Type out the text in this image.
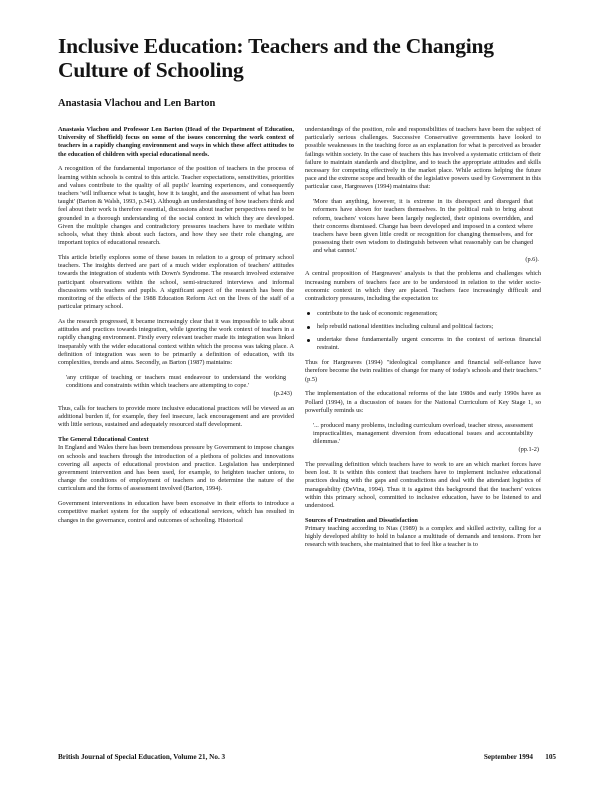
Inclusive Education: Teachers and the Changing Culture of Schooling
Anastasia Vlachou and Len Barton

Anastasia Vlachou and Professor Len Barton (Head of the Department of Education, University of Sheffield) focus on some of the issues concerning the work context of teachers in a rapidly changing environment and ways in which these affect attitudes to the education of children with special educational needs.

A recognition of the fundamental importance of the position of teachers in the process of learning within schools is central to this article. Teacher expectations, sensitivities, priorities and values contribute to the quality of all pupils' learning experiences, and consequently teachers 'will influence what is taught, how it is taught, and the assessment of what has been taught' (Barton & Walsh, 1993, p.341). Although an understanding of how teachers think and feel about their work is therefore essential, discussions about teacher perspectives need to be grounded in a thorough understanding of the social context in which they are developed. Given the multiple changes and contradictory pressures teachers have to mediate within schools, what they think about such factors, and how they see their role changing, are important topics of educational research.

This article briefly explores some of these issues in relation to a group of primary school teachers. The insights derived are part of a much wider exploration of teachers' attitudes towards the integration of students with Down's Syndrome. The research involved extensive participant observations within the school, semi-structured interviews and informal discussions with teachers and pupils. A significant aspect of the research has been the monitoring of the effects of the 1988 Education Reform Act on the lives of the staff of a particular primary school.

As the research progressed, it became increasingly clear that it was impossible to talk about attitudes and practices towards integration, while ignoring the work context of teachers in a rapidly changing environment. Firstly every relevant teacher made its integration was linked inseparably with the wider educational context within which the process was taking place. A definition of integration was seen to be primarily a definition of education, with its complexities, trends and aims. Secondly, as Barton (1987) maintains:

'any critique of teaching or teachers must endeavour to understand the working conditions and constraints within which teachers are attempting to cope.'
(p.243)

Thus, calls for teachers to provide more inclusive educational practices will be viewed as an additional burden if, for example, they feel insecure, lack encouragement and are provided with little serious, sustained and adequately resourced staff development.

The General Educational Context

In England and Wales there has been tremendous pressure by Government to impose changes on schools and teachers through the introduction of a plethora of policies and innovations covering all aspects of educational provision and practice. Legislation has underpinned government intervention and has been used, for example, to heighten teacher unions, to change the conditions of employment of teachers and to determine the nature of the curriculum and the forms of assessment involved (Barton, 1994).

Government interventions in education have been excessive in their efforts to introduce a competitive market system for the supply of educational services, which has resulted in changes in the governance, control and outcomes of schooling. Historical

understandings of the position, role and responsibilities of teachers have been the subject of particularly serious challenges. Successive Conservative governments have looked to possible weaknesses in the teaching force as an explanation for what is perceived as broader failings within society. In the case of teachers this has involved a systematic criticism of their failure to maintain standards and discipline, and to teach the appropriate attitudes and skills necessary for competing effectively in the market place. While actions helping the future pace and the extreme scope and breadth of the legislative powers used by Government in this particular case, Hargreaves (1994) maintains that:

'More than anything, however, it is extreme in its disrespect and disregard that reformers have shown for teachers themselves. In the political rush to bring about reform, teachers' voices have been largely neglected, their opinions overridden, and their concerns dismissed. Change has been developed and imposed in a context where teachers have been given little credit or recognition for changing themselves, and for possessing their own wisdom to distinguish between what reasonably can be changed and what cannot.'
(p.6).

A central proposition of Hargreaves' analysis is that the problems and challenges which increasing numbers of teachers face are to be understood in relation to the wider socio-economic context in which they are placed. Teachers face increasingly difficult and contradictory pressures, including the expectation to:

contribute to the task of economic regeneration;
help rebuild national identities including cultural and political factors;
undertake these fundamentally urgent concerns in the context of serious financial restraint.

Thus for Hargreaves (1994) "ideological compliance and financial self-reliance have therefore become the twin realities of change for many of today's schools and their teachers." (p.5)

The implementation of the educational reforms of the late 1980s and early 1990s have as Pollard (1994), in a discussion of issues for the National Curriculum of Key Stage 1, so powerfully reminds us:

'... produced many problems, including curriculum overload, teacher stress, assessment impracticalities, management diversion from educational issues and accountability dilemmas.'
(pp.1-2)

The prevailing definition which teachers have to work to are an which market forces have been lost. It is within this context that teachers have to implement inclusive educational practices dealing with the gaps and contradictions and deal with the attendant logistics of manageability (DeVina, 1994). Thus it is against this background that the teachers' voices within this primary school, committed to inclusive education, have to be listened to and understood.

Sources of Frustration and Dissatisfaction

Primary teaching according to Nias (1989) is a complex and skilled activity, calling for a highly developed ability to hold in balance a multitude of demands and tensions. From her research with teachers, she maintained that to feel like a teacher is to

British Journal of Special Education, Volume 21, No. 3	September 1994	105
